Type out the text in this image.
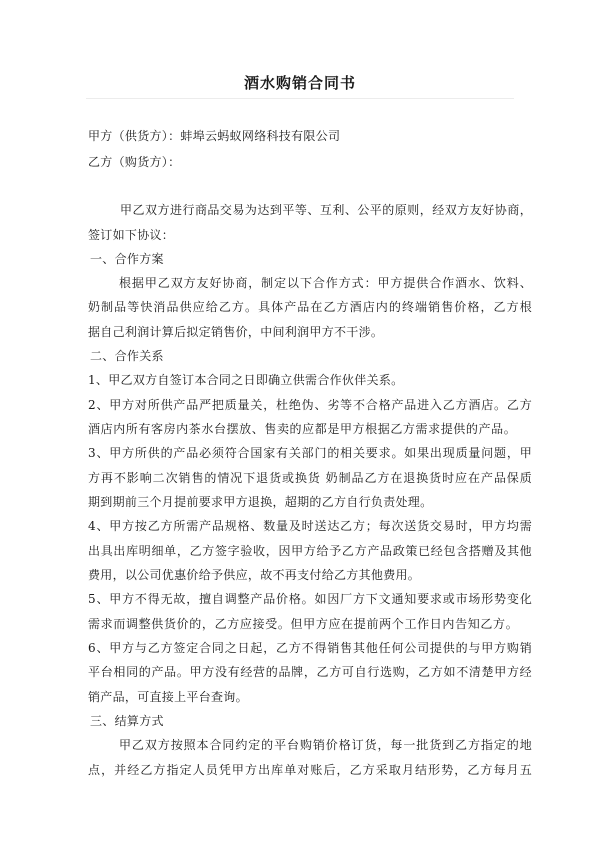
酒水购销合同书
甲方（供货方）：蚌埠云蚂蚁网络科技有限公司
乙方（购货方）：
甲乙双方进行商品交易为达到平等、互利、公平的原则，经双方友好协商，
签订如下协议：
一、合作方案
根据甲乙双方友好协商，制定以下合作方式：甲方提供合作酒水、饮料、
奶制品等快消品供应给乙方。具体产品在乙方酒店内的终端销售价格，乙方根
据自己利润计算后拟定销售价，中间利润甲方不干涉。
二、合作关系
1、甲乙双方自签订本合同之日即确立供需合作伙伴关系。
2、甲方对所供产品严把质量关，杜绝伪、劣等不合格产品进入乙方酒店。乙方
酒店内所有客房内茶水台摆放、售卖的应都是甲方根据乙方需求提供的产品。
3、甲方所供的产品必须符合国家有关部门的相关要求。如果出现质量问题，甲
方再不影响二次销售的情况下退货或换货 奶制品乙方在退换货时应在产品保质
期到期前三个月提前要求甲方退换，超期的乙方自行负责处理。
4、甲方按乙方所需产品规格、数量及时送达乙方；每次送货交易时，甲方均需
出具出库明细单，乙方签字验收，因甲方给予乙方产品政策已经包含搭赠及其他
费用，以公司优惠价给予供应，故不再支付给乙方其他费用。
5、甲方不得无故，擅自调整产品价格。如因厂方下文通知要求或市场形势变化
需求而调整供货价的，乙方应接受。但甲方应在提前两个工作日内告知乙方。
6、甲方与乙方签定合同之日起，乙方不得销售其他任何公司提供的与甲方购销
平台相同的产品。甲方没有经营的品牌，乙方可自行选购，乙方如不清楚甲方经
销产品，可直接上平台查询。
三、结算方式
甲乙双方按照本合同约定的平台购销价格订货，每一批货到乙方指定的地
点，并经乙方指定人员凭甲方出库单对账后，乙方采取月结形势，乙方每月五
